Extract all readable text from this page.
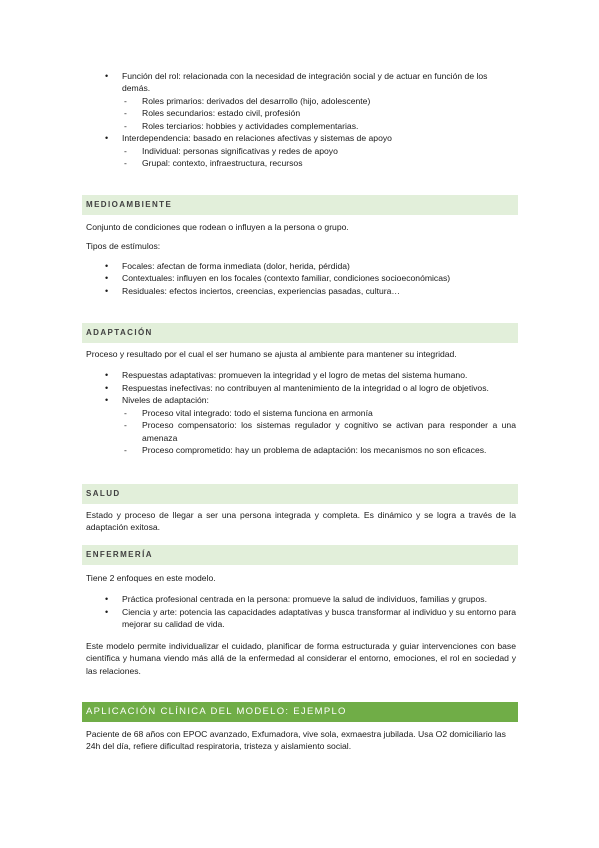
• Función del rol: relacionada con la necesidad de integración social y de actuar en función de los demás.
- Roles primarios: derivados del desarrollo (hijo, adolescente)
- Roles secundarios: estado civil, profesión
- Roles terciarios: hobbies y actividades complementarias.
• Interdependencia: basado en relaciones afectivas y sistemas de apoyo
- Individual: personas significativas y redes de apoyo
- Grupal: contexto, infraestructura, recursos
MEDIOAMBIENTE

Conjunto de condiciones que rodean o influyen a la persona o grupo.

Tipos de estímulos:

• Focales: afectan de forma inmediata (dolor, herida, pérdida)
• Contextuales: influyen en los focales (contexto familiar, condiciones socioeconómicas)
• Residuales: efectos inciertos, creencias, experiencias pasadas, cultura…
ADAPTACIÓN

Proceso y resultado por el cual el ser humano se ajusta al ambiente para mantener su integridad.

• Respuestas adaptativas: promueven la integridad y el logro de metas del sistema humano.
• Respuestas inefectivas: no contribuyen al mantenimiento de la integridad o al logro de objetivos.
• Niveles de adaptación:
- Proceso vital integrado: todo el sistema funciona en armonía
- Proceso compensatorio: los sistemas regulador y cognitivo se activan para responder a una amenaza
- Proceso comprometido: hay un problema de adaptación: los mecanismos no son eficaces.
SALUD

Estado y proceso de llegar a ser una persona integrada y completa. Es dinámico y se logra a través de la adaptación exitosa.

ENFERMERÍA

Tiene 2 enfoques en este modelo.

• Práctica profesional centrada en la persona: promueve la salud de individuos, familias y grupos.
• Ciencia y arte: potencia las capacidades adaptativas y busca transformar al individuo y su entorno para mejorar su calidad de vida.

Este modelo permite individualizar el cuidado, planificar de forma estructurada y guiar intervenciones con base científica y humana viendo más allá de la enfermedad al considerar el entorno, emociones, el rol en sociedad y las relaciones.

APLICACIÓN CLÍNICA DEL MODELO: EJEMPLO

Paciente de 68 años con EPOC avanzado, Exfumadora, vive sola, exmaestra jubilada. Usa O2 domiciliario las 24h del día, refiere dificultad respiratoria, tristeza y aislamiento social.
